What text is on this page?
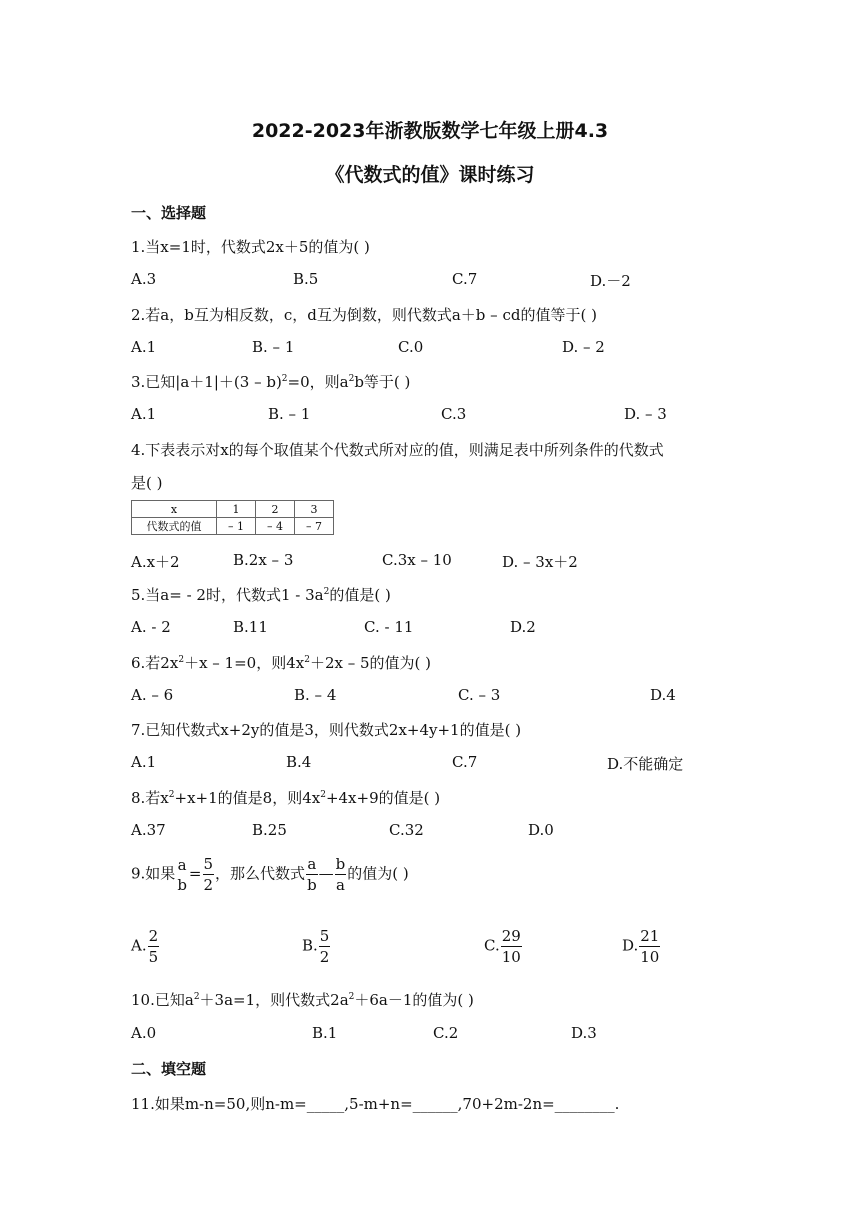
2022-2023年浙教版数学七年级上册4.3
《代数式的值》课时练习
一、选择题
1.当x=1时，代数式2x＋5的值为( )
A.3	B.5	C.7	D.－2
2.若a，b互为相反数，c，d互为倒数，则代数式a＋b – cd的值等于( )
A.1	B. – 1	C.0	D. – 2
3.已知|a＋1|＋(3 – b)$^2$=0，则$a^2b$等于( )
A.1	B. – 1	C.3	D. – 3
4.下表表示对x的每个取值某个代数式所对应的值，则满足表中所列条件的代数式
是( )
x	1	2	3
代数式的值	– 1	– 4	– 7
A.x＋2	B.2x – 3	C.3x – 10	D. – 3x＋2
5.当a= - 2时，代数式$1 - 3a^2$的值是( )
A. - 2	B.11	C. - 11	D.2
6.若$2x^2+x - 1=0$，则$4x^2+2x - 5$的值为( )
A. – 6	B. – 4	C. – 3	D.4
7.已知代数式x+2y的值是3，则代数式2x+4y+1的值是( )
A.1	B.4	C.7	D.不能确定
8.若$x^2+x+1$的值是8，则$4x^2+4x+9$的值是( )
A.37	B.25	C.32	D.0
9.如果 a
b
= $\frac{5}{2}$ ，那么代数式 $\frac{a}{b}$ — $\frac{b}{a}$ 的值为( )
A. $\frac{2}{5}$	B. $\frac{5}{2}$	C. $\frac{29}{10}$	D. $\frac{21}{10}$
10.已知$a^2+3a=1$，则代数式$2a^2+6a-1$的值为( )
A.0	B.1	C.2	D.3
二、填空题
11.如果m-n=50,则n-m=_____,5-m+n=______,70+2m-2n=________.
